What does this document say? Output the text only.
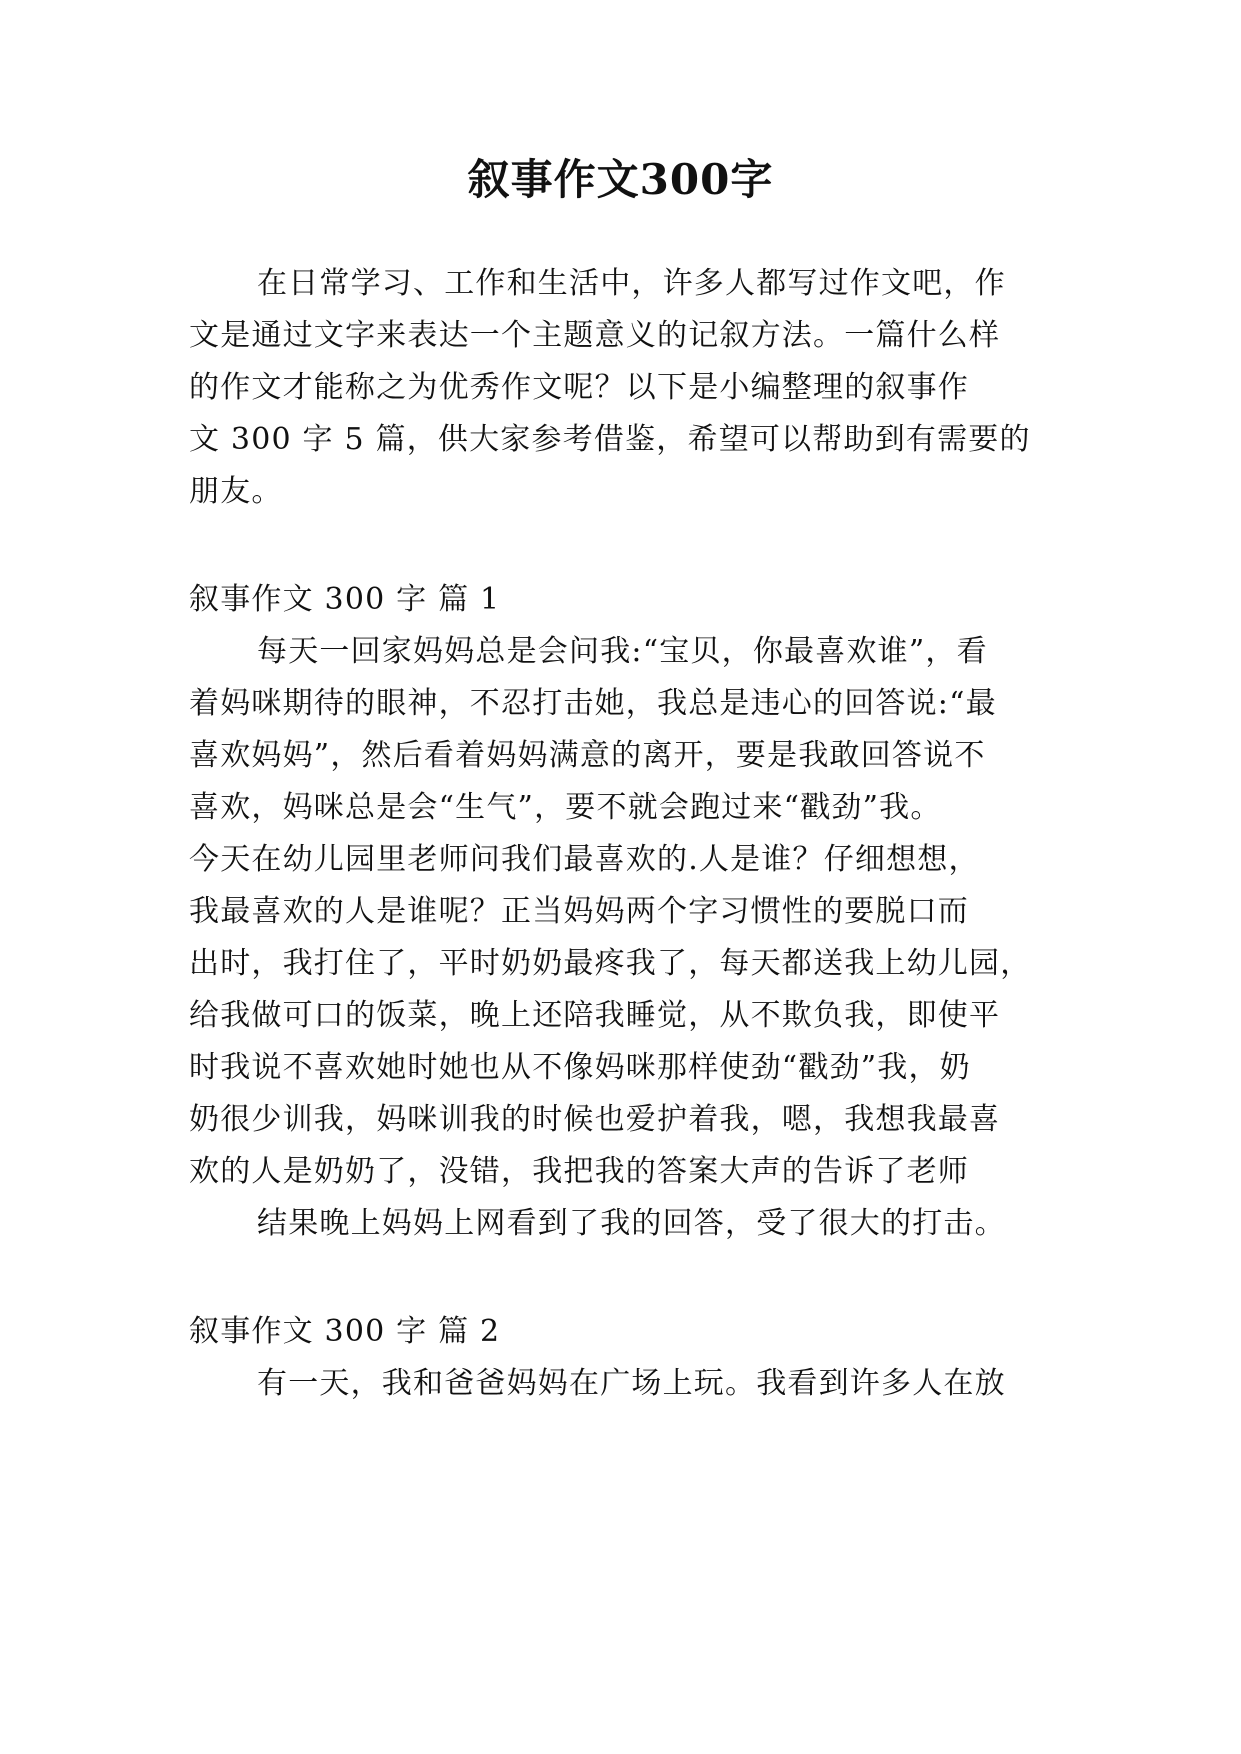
叙事作文300字
在日常学习、工作和生活中，许多人都写过作文吧，作
文是通过文字来表达一个主题意义的记叙方法。一篇什么样
的作文才能称之为优秀作文呢？以下是小编整理的叙事作
文 300 字 5 篇，供大家参考借鉴，希望可以帮助到有需要的
朋友。
叙事作文 300 字 篇 1
每天一回家妈妈总是会问我:“宝贝，你最喜欢谁”，看
着妈咪期待的眼神，不忍打击她，我总是违心的回答说:“最
喜欢妈妈”，然后看着妈妈满意的离开，要是我敢回答说不
喜欢，妈咪总是会“生气”，要不就会跑过来“戳劲”我。
今天在幼儿园里老师问我们最喜欢的.人是谁？仔细想想，
我最喜欢的人是谁呢？正当妈妈两个字习惯性的要脱口而
出时，我打住了，平时奶奶最疼我了，每天都送我上幼儿园，
给我做可口的饭菜，晚上还陪我睡觉，从不欺负我，即使平
时我说不喜欢她时她也从不像妈咪那样使劲“戳劲”我，奶
奶很少训我，妈咪训我的时候也爱护着我，嗯，我想我最喜
欢的人是奶奶了，没错，我把我的答案大声的告诉了老师
结果晚上妈妈上网看到了我的回答，受了很大的打击。
叙事作文 300 字 篇 2
有一天，我和爸爸妈妈在广场上玩。我看到许多人在放
